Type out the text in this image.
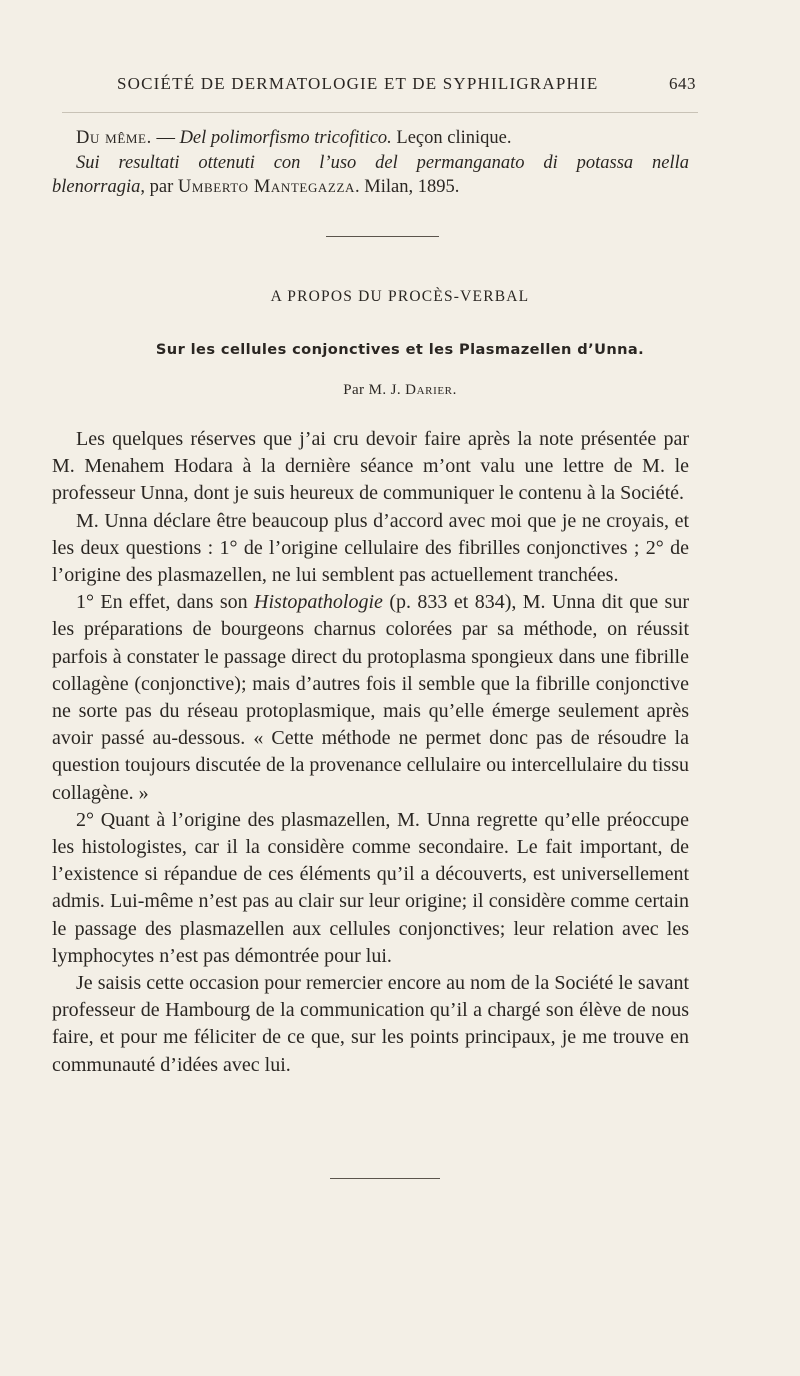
SOCIÉTÉ DE DERMATOLOGIE ET DE SYPHILIGRAPHIE	643

Du même. — Del polimorfismo tricofitico. Leçon clinique.

Sui resultati ottenuti con l’uso del permanganato di potassa nella

blenorragia, par Umberto Mantegazza. Milan, 1895.

A PROPOS DU PROCÈS-VERBAL
Sur les cellules conjonctives et les Plasmazellen d’Unna.
Par M. J. Darier.

Les quelques réserves que j’ai cru devoir faire après la note présentée par M. Menahem Hodara à la dernière séance m’ont valu une lettre de M. le professeur Unna, dont je suis heureux de communiquer le contenu à la Société.

M. Unna déclare être beaucoup plus d’accord avec moi que je ne croyais, et les deux questions : 1° de l’origine cellulaire des fibrilles conjonctives ; 2° de l’origine des plasmazellen, ne lui semblent pas actuellement tranchées.

1° En effet, dans son Histopathologie (p. 833 et 834), M. Unna dit que sur les préparations de bourgeons charnus colorées par sa méthode, on réussit parfois à constater le passage direct du protoplasma spongieux dans une fibrille collagène (conjonctive); mais d’autres fois il semble que la fibrille conjonctive ne sorte pas du réseau protoplasmique, mais qu’elle émerge seulement après avoir passé au-dessous. « Cette méthode ne permet donc pas de résoudre la question toujours discutée de la provenance cellulaire ou intercellulaire du tissu collagène. »

2° Quant à l’origine des plasmazellen, M. Unna regrette qu’elle préoccupe les histologistes, car il la considère comme secondaire. Le fait important, de l’existence si répandue de ces éléments qu’il a découverts, est universellement admis. Lui-même n’est pas au clair sur leur origine; il considère comme certain le passage des plasmazellen aux cellules conjonctives; leur relation avec les lymphocytes n’est pas démontrée pour lui.

Je saisis cette occasion pour remercier encore au nom de la Société le savant professeur de Hambourg de la communication qu’il a chargé son élève de nous faire, et pour me féliciter de ce que, sur les points principaux, je me trouve en communauté d’idées avec lui.
